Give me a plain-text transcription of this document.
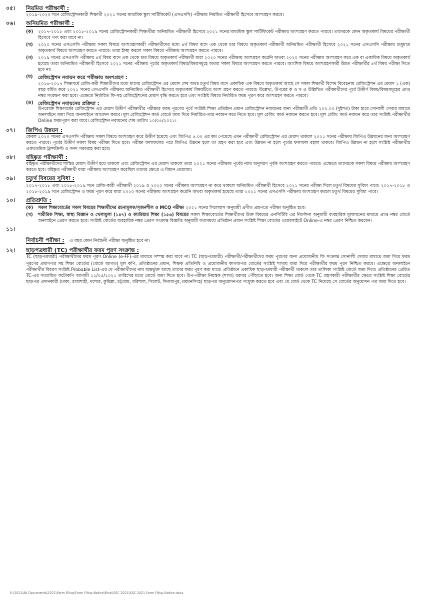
০৫। নিয়মিত পরীক্ষার্থী :

২০১৯-২০২০ সনে রেজিস্ট্রেশনকারী শিক্ষার্থী ২০২১ সনের মাধ্যমিক স্কুল সার্টিফিকেট (এসএসসি) পরীক্ষায় নিয়মিত পরীক্ষার্থী হিসেবে অংশগ্রহণ করবে।

০৬। অনিয়মিত পরীক্ষার্থী :
(ক) ২০১৭-২০১৮ এবং ২০১৮-২০১৯ সনের রেজিস্ট্রেশনকারী শিক্ষার্থীরা অনিয়মিত পরীক্ষার্থী হিসেবে ২০২১ সনের মাধ্যমিক স্কুল সার্টিফিকেট পরীক্ষায় অংশগ্রহণ করতে পারবে। তাদেরকে কোন অকৃতকার্য বিষয়ের পরীক্ষার্থী হিসেবে গণ্য করা যাবে না।

(খ) ২০২০ সনের এসএসসি পরীক্ষায় সকল বিষয়ে অংশগ্রহণকারী পরীক্ষার্থীদের মধ্যে ৪র্থ বিষয় বাদে এক থেকে চার বিষয়ে অকৃতকার্য পরীক্ষার্থী অনিয়মিত পরীক্ষার্থী হিসেবে ২০২১ সনের এসএসসি পরীক্ষায় শুধুমাত্র অকৃতকার্য বিষয়ে অংশগ্রহণ করতে পারবে। তারা ইচ্ছা করলে সকল বিষয়ে পরীক্ষায় অংশগ্রহণ করতে পারবে।

(গ) ২০১৯ সনের এসএসসি পরীক্ষায় ৪র্থ বিষয় বাদে এক থেকে চার বিষয়ে অকৃতকার্য পরীক্ষার্থী যারা ২০২০ সনের পরীক্ষায় অংশগ্রহণ করেনি অথবা ২০২০ সনের পরীক্ষায় অংশগ্রহণ করে এক বা একাধিক বিষয়ে অকৃতকার্য হয়েছে তারা অনিয়মিত পরীক্ষার্থী হিসেবে ২০২১ সনের পরীক্ষায় পূর্বের অকৃতকার্য বিষয়/বিষয়সমূহে অথবা সকল বিষয়ে অংশগ্রহণ করতে পারবে। আংশিক বিষয়ে অংশগ্রহণকারী উন্নত পরীক্ষার্থীর ৪র্থ বিষয় পরীক্ষা দিতে হবে না।

(ঘ) রেজিস্ট্রেশন নবায়ন করে পরীক্ষায় অংশগ্রহণ :

২০১৬-২০১৭ শিক্ষাবর্ষে রেজি-করী শিক্ষার্থীদের মধ্যে যাদের রেজিস্ট্রেশন এর মেয়াদ শেষ অথচ চতুর্থ বিষয় বাদে একাধিক এক বিষয়ে অকৃতকার্য আছে সে সকল শিক্ষার্থী বিশেষ বিবেচনায় রেজিস্ট্রেশন এর মেয়াদ ১ (এক) বছর বর্ধিত করে ২০২১ সনের এসএসসি পরীক্ষায় অনিয়মিত পরীক্ষার্থী হিসেবে অকৃতকার্য বিষয়টিতে অংশ গ্রহণ করতে পারবে। উল্লেখ্য, উপরের ক ও খ এ উল্লিখিত পরীক্ষার্থীদের পূর্বে উত্তীর্ণ বিষয়/বিষয়সমূহের প্রাপ্ত নম্বর সংরক্ষণ করা হবে। এক্ষেত্রে নির্ধারিত ফি-সহ রেজিস্ট্রেশনের মেয়াদ বৃদ্ধি করতে হবে এবং সংশ্লিষ্ট বিষয়ে নির্ধারিত ফরম পূরণ করে অংশগ্রহণ করতে পারবে।

(ঙ) রেজিস্ট্রেশন নবায়নের প্রক্রিয়া :

উপরোক্ত শিক্ষাবর্ষের রেজিস্ট্রেশন এর মেয়াদ উত্তীর্ণ পরীক্ষার্থীর পরীক্ষার ফরম পূরণের পূর্বে সংশ্লিষ্ট শিক্ষা প্রতিষ্ঠান প্রধান রেজিস্ট্রেশন নবায়নের জন্য পরীক্ষার্থী প্রতি ২০০.০০ (দুইশত) টাকা হারে সোনালী সেবার মাধ্যমে অনলাইনে জমা দিয়ে অনলাইনে আবেদন করবে। মূল রেজিস্ট্রেশন কার্ড বোর্ডে জমা দিয়ে নির্ধারিত-তার নবায়ন করে নিতে হবে। মূল রেজি: কার্ড নবায়ন করতে হবে। মূল রেজি: কার্ড নবায়ন করে তার সংশ্লিষ্ট পরীক্ষার্থীর Online ফরমপূরণ করা যাবে। রেজিস্ট্রেশন নবায়নের শেষ তারিখ ১০/০৫/২০২১।

০৭। জিপিএ উন্নয়ন :

কেবল ২০২০ সনের এসএসসি পরীক্ষায় সকল বিষয়ে অংশগ্রহণ করে উত্তীর্ণ হয়েছে এবং জিপিএ ৫.০০ এর কম পেয়েছে এমন পরীক্ষার্থী রেজিস্ট্রেশন এর মেয়াদ থাকলে ২০২১ সনের পরীক্ষায় জিপিএ উন্নয়নের জন্য অংশগ্রহণ করতে পারবে। পূর্বের উত্তীর্ণ সকল বিষয় পরীক্ষা দিতে হবে। পরীক্ষা ফলাফলের পরে জিপিএ উন্নয়ন হলে তা গ্রহণ করা হবে এবং উন্নয়ন না হলে পূর্বের ফলাফল বহাল থাকবে। জিপিএ উন্নয়ন না হলে সংশ্লিষ্ট পরীক্ষার্থীর একাডেমিক ট্রান্সক্রিপ্ট ও সনদ সরবরাহ করা হবে।

০৮। বহিষ্কৃত পরীক্ষার্থী :

বহিষ্কৃত পরীক্ষার্থীদের শাস্তির মেয়াদ উত্তীর্ণ হয়ে থাকলে এবং রেজিস্ট্রেশন এর মেয়াদ থাকলে তারা ২০২১ সনের পরীক্ষায় পূর্বের ন্যায় অনুসরণ পূর্বক অংশগ্রহণ করতে পারবে। এক্ষেত্রে তাদেরকে সকল বিষয়ে পরীক্ষায় অংশগ্রহণ করতে হবে। বহিষ্কৃত পরীক্ষার্থী যারা পরীক্ষায় অংশগ্রহণ করেছিল তাদের ক্ষেত্রে এ বিধান প্রযোজ্য।

০৯। চতুর্থ বিষয়ের সুবিধা :

২০১৭-২০১৮ এবং ২০১৮-২০১৯ সনে রেজি-কারী পরীক্ষার্থী ২০১৯ ও ২০২০ সনের পরীক্ষায় অংশগ্রহণ না করে থাকলে অনিয়মিত পরীক্ষার্থী হিসেবে ২০২১ সনের পরীক্ষা দিলে চতুর্থ বিষয়ের সুবিধা পাবে। ২০১৭-২০১৮ ও ২০১৮-২০১৯ সনে রেজিস্ট্রেশন ও ফরম পূরণ করে যারা ২০২০ সনের পরীক্ষায় অংশগ্রহণ করেনি অথবা অকৃতকার্য হয়েছে তারা ২০২১ সনের এসএসসি পরীক্ষায় অংশগ্রহণ করলে চতুর্থ বিষয়ের সুবিধা পাবে।

১০। প্রতিশ্রুতি :
(ক) সকল শিক্ষাবোর্ডের সকল বিষয়ের শিক্ষার্থীদের রচনামূলক/সৃজনশীল ও MCQ পরীক্ষা ২০২১ সনের সিলেবাস অনুযায়ী প্রণীত প্রশ্নপত্রে পরীক্ষা অনুষ্ঠিত হবে।

(খ) শারীরিক শিক্ষা, স্বাস্থ্য বিজ্ঞান ও খেলাধুলা (১৪৭) ও ক্যারিয়ার শিক্ষা (১৫৬) বিষয়ের সকল শিক্ষাবোর্ডের শিক্ষার্থীদের উক্ত বিষয়ের এনসিটিবি এর নির্দেশনা অনুযায়ী ব্যবহারিক মূল্যায়নের মাধ্যমে প্রাপ্ত নম্বর বোর্ডে অনলাইনে প্রেরণ করতে হবে। সংশ্লিষ্ট বোর্ডের ব্যবহারিক নম্বর প্রেরণ সংক্রান্ত বিজ্ঞপ্তি অনুযায়ী যথাসময়ে প্রতিষ্ঠান প্রধান সংশ্লিষ্ট শিক্ষা বোর্ডের ওয়েবসাইটে Online-এ নম্বর প্রেরণ নিশ্চিত করবেন।

১১।
নির্বাচনী পরীক্ষা : এ বছর কোন নির্বাচনী পরীক্ষা অনুষ্ঠিত হবে না।
১২। ছাড়পত্রধারী (TC) পরীক্ষার্থীর ফরম পূরণ সংক্রান্ত :

TC (ছাড়পত্রধারী) পরীক্ষার্থীদের ফরম পূরণ Online (e-FF)-এর মাধ্যমে সম্পন্ন করা যাবে না। TC (ছাড়পত্রধারী) পরীক্ষার্থী/পরীক্ষার্থীদের ফরম পূরণের জন্য প্রয়োজনীয় ফি সংক্রান্ত সোনালী সেবার মাধ্যমে জমা দিয়ে ফরম পূরণের প্রমাণপত্র সহ শিক্ষা বোর্ডের (বোর্ডে আগত) মূল কপি, প্রতিষ্ঠানের প্রধান, শিক্ষক প্রতিনিধি ও প্রয়োজনীয় কাগজপত্র বোর্ডের সংশ্লিষ্ট শাখায় জমা দিয়ে পরীক্ষার্থীর ফরম পূরণ নিশ্চিত করবে। এক্ষেত্রে অনলাইনে পরীক্ষার্থীর বিবরণ সংশ্লিষ্ট Probable List-এর যে পরীক্ষার্থীদের নাম অন্তর্ভুক্ত আছে তাদের ফরম পূরণ করা যাবে। প্রতিষ্ঠানে একাধিক ছাড়পত্রধারী পরীক্ষার্থী থাকলে তার তালিকা সংশ্লিষ্ট বোর্ডে জমা দিবে। প্রতিষ্ঠানের প্রেরিত TC-এর সত্যায়িত ফটোকপি আগামী ১১/০৫/২০২১ তারিখের মধ্যে বোর্ডে জমা দিতে হবে। উপ-পরীক্ষা নিয়ন্ত্রক (শাখা) বরাবর পৌঁছাতে হবে। অন্য শিক্ষা বোর্ড থেকে TC গ্রহণকারী পরীক্ষার্থীর ক্ষেত্রে সংশ্লিষ্ট শিক্ষা বোর্ডের ছাড়পত্র প্রদানকারী (ঢাকা, রাজশাহী, যশোর, কুমিল্লা, চট্টগ্রাম, বরিশাল, সিলেট, দিনাজপুর, ময়মনসিংহ) ছাড়পত্র অনুমোদনপত্র সংযুক্ত করতে হবে এবং যে বোর্ড থেকে TC নিয়েছে সে বোর্ডের অনুমোদন পত্র জমা দিতে হবে।

E:\2021\All Documents\2021\Form Fillup\Form Fillup Notice\Final\SSC 2021\SSC 2021 Form Fillup Notice.docx
